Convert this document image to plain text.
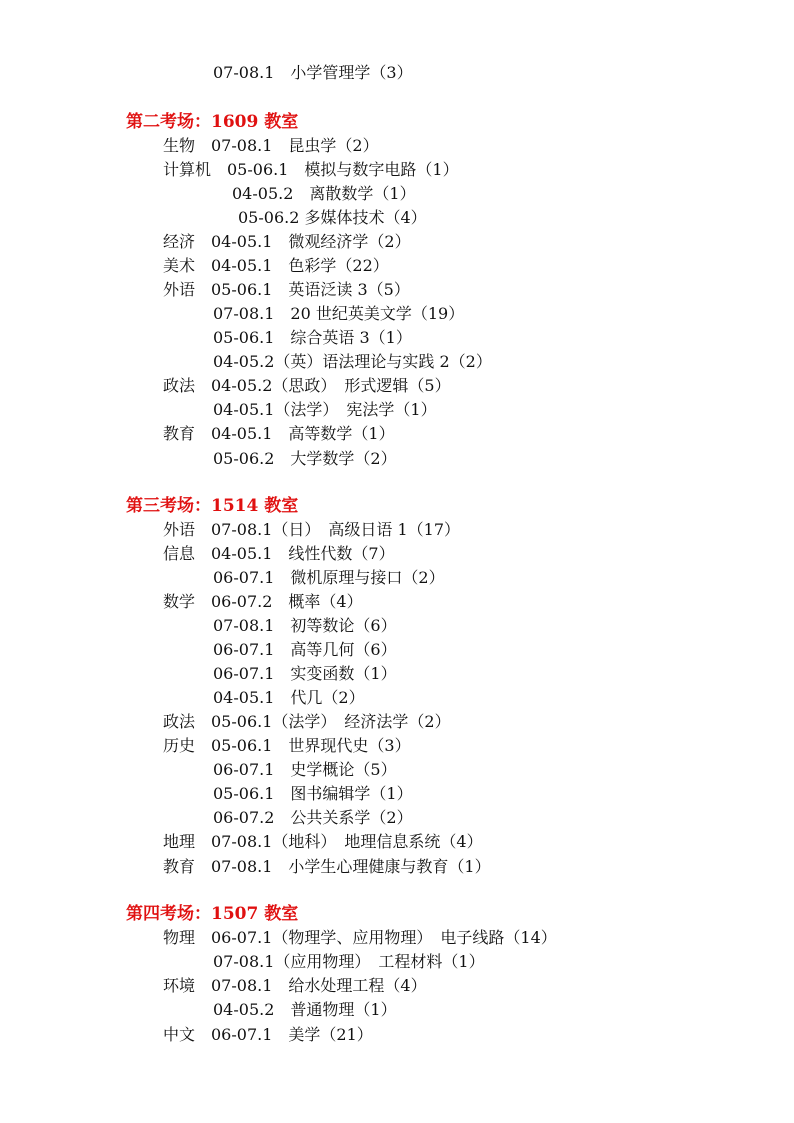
07-08.1　小学管理学（3）
第二考场：1609 教室
生物　07-08.1　昆虫学（2）
计算机　05-06.1　模拟与数字电路（1）
04-05.2　离散数学（1）
05-06.2 多媒体技术（4）
经济　04-05.1　微观经济学（2）
美术　04-05.1　色彩学（22）
外语　05-06.1　英语泛读 3（5）
07-08.1　20 世纪英美文学（19）
05-06.1　综合英语 3（1）
04-05.2（英）语法理论与实践 2（2）
政法　04-05.2（思政）　形式逻辑（5）
04-05.1（法学）　宪法学（1）
教育　04-05.1　高等数学（1）
05-06.2　大学数学（2）
第三考场：1514 教室
外语　07-08.1（日）　高级日语 1（17）
信息　04-05.1　线性代数（7）
06-07.1　微机原理与接口（2）
数学　06-07.2　概率（4）
07-08.1　初等数论（6）
06-07.1　高等几何（6）
06-07.1　实变函数（1）
04-05.1　代几（2）
政法　05-06.1（法学）　经济法学（2）
历史　05-06.1　世界现代史（3）
06-07.1　史学概论（5）
05-06.1　图书编辑学（1）
06-07.2　公共关系学（2）
地理　07-08.1（地科）　地理信息系统（4）
教育　07-08.1　小学生心理健康与教育（1）
第四考场：1507 教室
物理　06-07.1（物理学、应用物理）　电子线路（14）
07-08.1（应用物理）　工程材料（1）
环境　07-08.1　给水处理工程（4）
04-05.2　普通物理（1）
中文　06-07.1　美学（21）
